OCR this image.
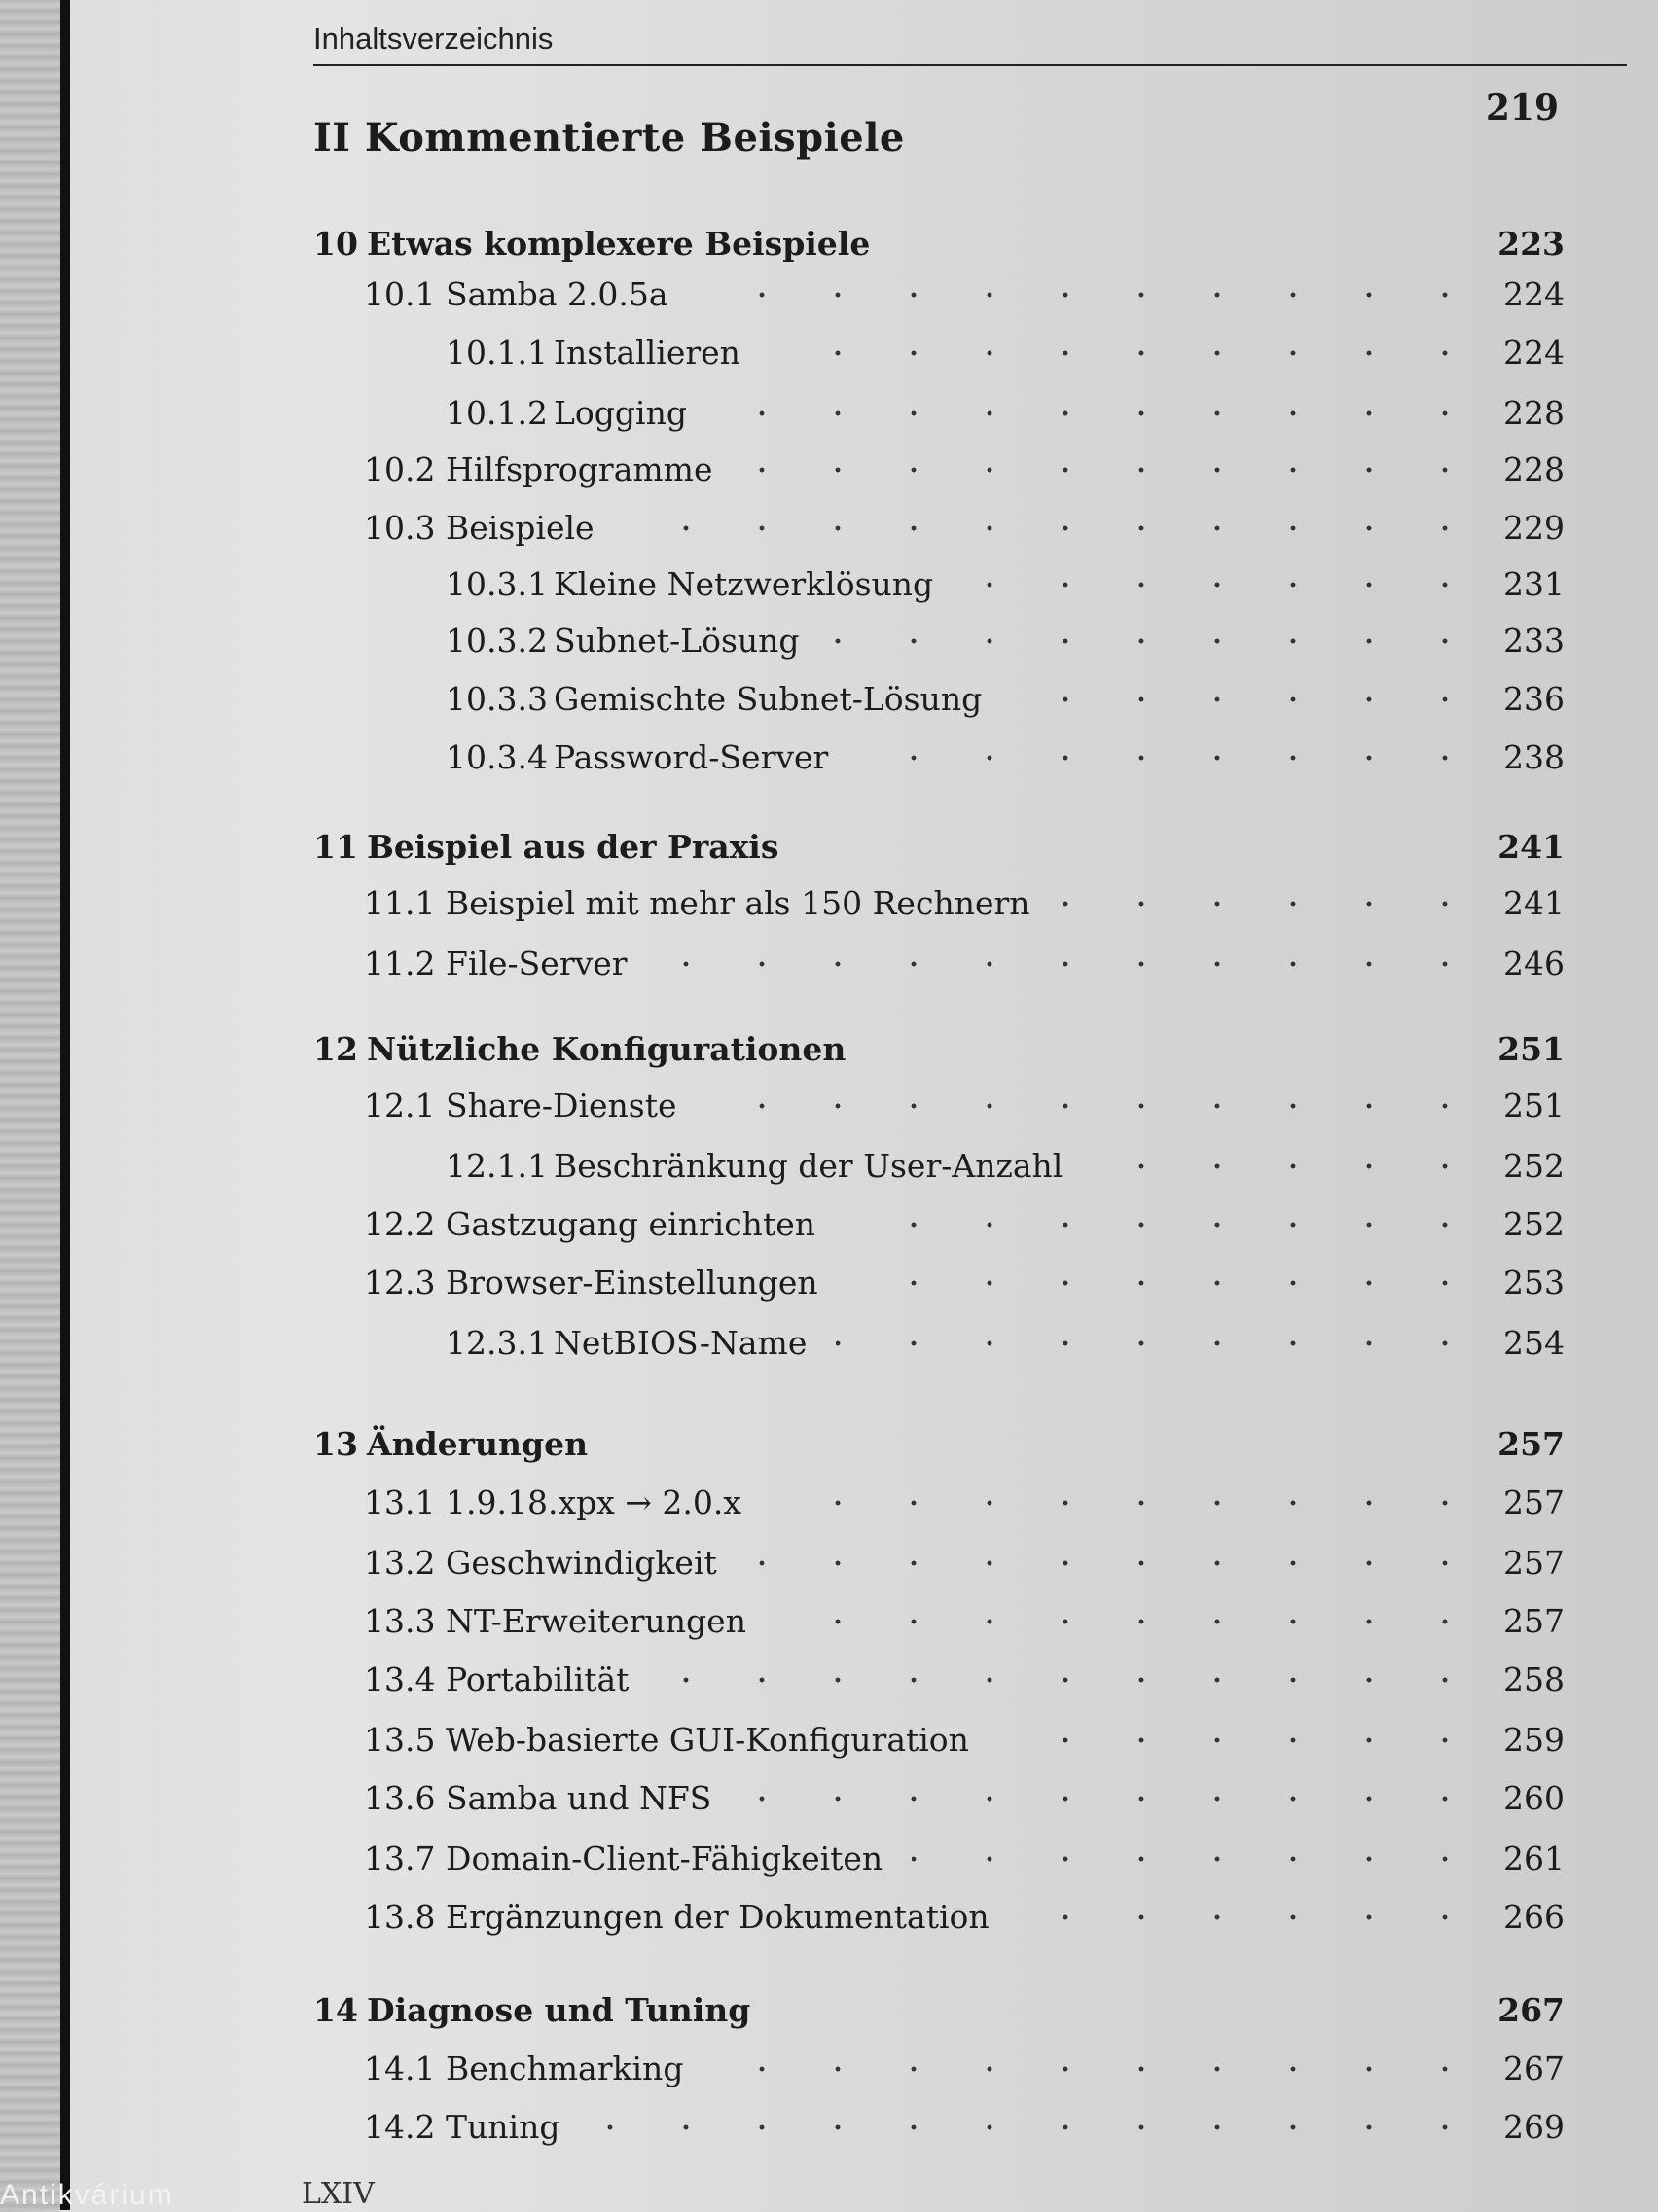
Inhaltsverzeichnis
II Kommentierte Beispiele
219
10 Etwas komplexere Beispiele	223
10.1 Samba 2.0.5a	224
10.1.1 Installieren	224
10.1.2 Logging	228
10.2 Hilfsprogramme	228
10.3 Beispiele	229
10.3.1 Kleine Netzwerklösung	231
10.3.2 Subnet-Lösung	233
10.3.3 Gemischte Subnet-Lösung	236
10.3.4 Password-Server	238
11 Beispiel aus der Praxis	241
11.1 Beispiel mit mehr als 150 Rechnern	241
11.2 File-Server	246
12 Nützliche Konfigurationen	251
12.1 Share-Dienste	251
12.1.1 Beschränkung der User-Anzahl	252
12.2 Gastzugang einrichten	252
12.3 Browser-Einstellungen	253
12.3.1 NetBIOS-Name	254
13 Änderungen	257
13.1 1.9.18.xpx → 2.0.x	257
13.2 Geschwindigkeit	257
13.3 NT-Erweiterungen	257
13.4 Portabilität	258
13.5 Web-basierte GUI-Konfiguration	259
13.6 Samba und NFS	260
13.7 Domain-Client-Fähigkeiten	261
13.8 Ergänzungen der Dokumentation	266
14 Diagnose und Tuning	267
14.1 Benchmarking	267
14.2 Tuning	269
Antikvárium	LXIV
